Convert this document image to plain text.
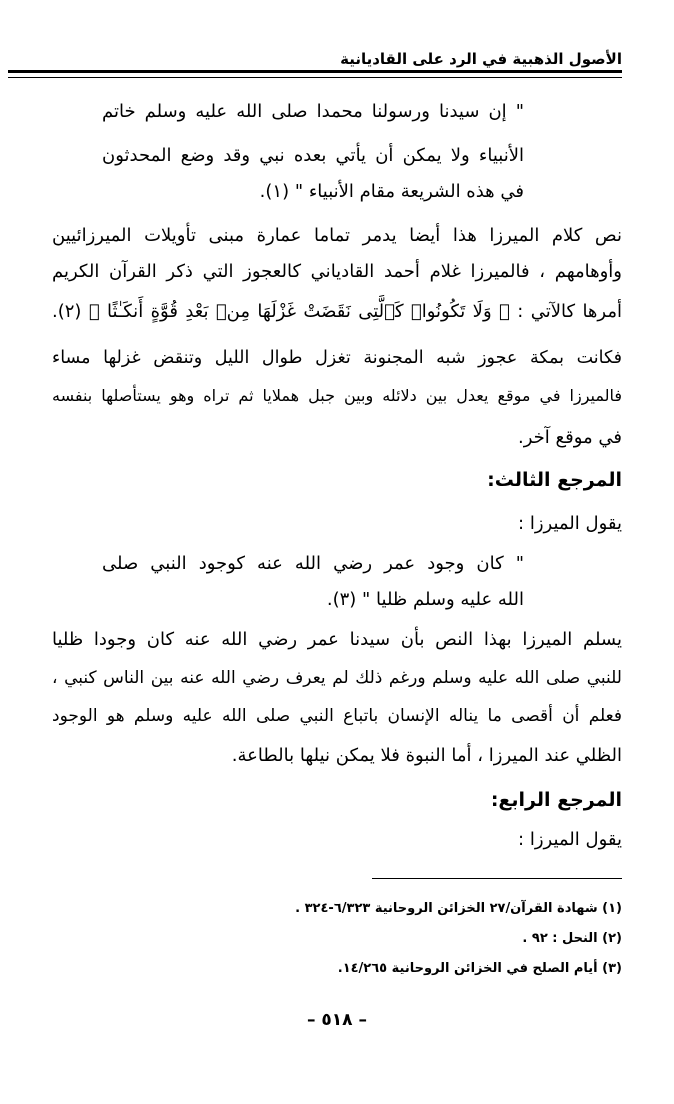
الأصول الذهبية في الرد على القاديانية
" إن سيدنا ورسولنا محمدا صلى الله عليه وسلم خاتم
الأنبياء ولا يمكن أن يأتي بعده نبي وقد وضع المحدثون
في هذه الشريعة مقام الأنبياء " (١).
نص كلام الميرزا هذا أيضا يدمر تماما عمارة مبنى تأويلات الميرزائيين
وأوهامهم ، فالميرزا غلام أحمد القادياني كالعجوز التي ذكر القرآن الكريم
أمرها كالآتي : ﴿ وَلَا تَكُونُوا۟ كَٱلَّتِى نَقَضَتْ غَزْلَهَا مِنۢ بَعْدِ قُوَّةٍ أَنكَـٰثًا ﴾ (٢).
فكانت بمكة عجوز شبه المجنونة تغزل طوال الليل وتنقض غزلها مساء
فالميرزا في موقع يعدل بين دلائله وبين جبل هملايا ثم تراه وهو يستأصلها بنفسه
في موقع آخر.
المرجع الثالث:
يقول الميرزا :
" كان وجود عمر رضي الله عنه كوجود النبي صلى
الله عليه وسلم ظليا " (٣).
يسلم الميرزا بهذا النص بأن سيدنا عمر رضي الله عنه كان وجودا ظليا
للنبي صلى الله عليه وسلم ورغم ذلك لم يعرف رضي الله عنه بين الناس كنبي ،
فعلم أن أقصى ما يناله الإنسان باتباع النبي صلى الله عليه وسلم هو الوجود
الظلي عند الميرزا ، أما النبوة فلا يمكن نيلها بالطاعة.
المرجع الرابع:
يقول الميرزا :
(١) شهادة القرآن/٢٧ الخزائن الروحانية ٦/٣٢٣-٣٢٤ .
(٢) النحل : ٩٢ .
(٣) أيام الصلح في الخزائن الروحانية ١٤/٢٦٥.
– ٥١٨ –
